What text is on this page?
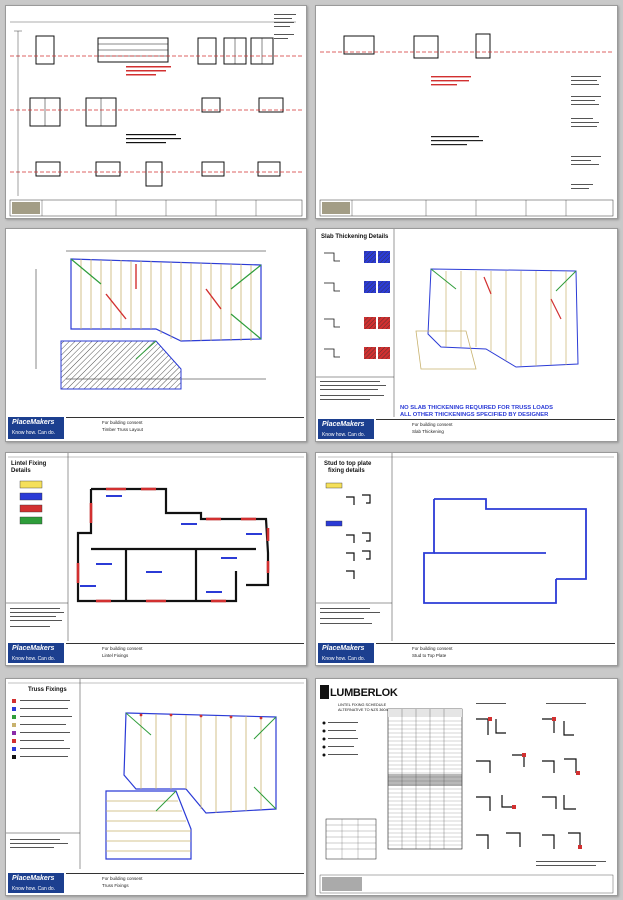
PlaceMakers
Know how. Can do.
For building consent
Timber Truss Layout
Slab Thickening Details
NO SLAB THICKENING REQUIRED FOR TRUSS LOADS
ALL OTHER THICKENINGS SPECIFIED BY DESIGNER
PlaceMakers
Know how. Can do.
For building consent
Slab Thickening
Lintel Fixing
Details
PlaceMakers
Know how. Can do.
For building consent
Lintel Fixings
Stud to top plate
fixing details
PlaceMakers
Know how. Can do.
For building consent
Stud to Top Plate
Truss Fixings
PlaceMakers
Know how. Can do.
For building consent
Truss Fixings
LUMBERLOK
LINTEL FIXING SCHEDULE
ALTERNATIVE TO NZS 3604
